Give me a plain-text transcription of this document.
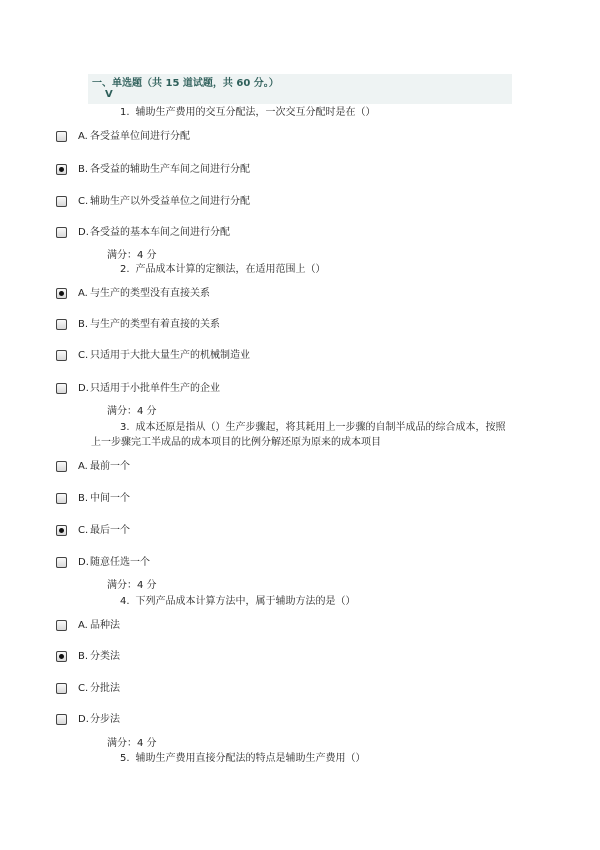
一、单选题（共 15 道试题，共 60 分。）
V
1. 辅助生产费用的交互分配法，一次交互分配时是在（）
A. 各受益单位间进行分配
B. 各受益的辅助生产车间之间进行分配
C. 辅助生产以外受益单位之间进行分配
D. 各受益的基本车间之间进行分配
满分：4 分
2. 产品成本计算的定额法，在适用范围上（）
A. 与生产的类型没有直接关系
B. 与生产的类型有着直接的关系
C. 只适用于大批大量生产的机械制造业
D. 只适用于小批单件生产的企业
满分：4 分
3. 成本还原是指从（）生产步骤起，将其耗用上一步骤的自制半成品的综合成本，按照
上一步骤完工半成品的成本项目的比例分解还原为原来的成本项目
A. 最前一个
B. 中间一个
C. 最后一个
D. 随意任选一个
满分：4 分
4. 下列产品成本计算方法中，属于辅助方法的是（）
A. 品种法
B. 分类法
C. 分批法
D. 分步法
满分：4 分
5. 辅助生产费用直接分配法的特点是辅助生产费用（）
